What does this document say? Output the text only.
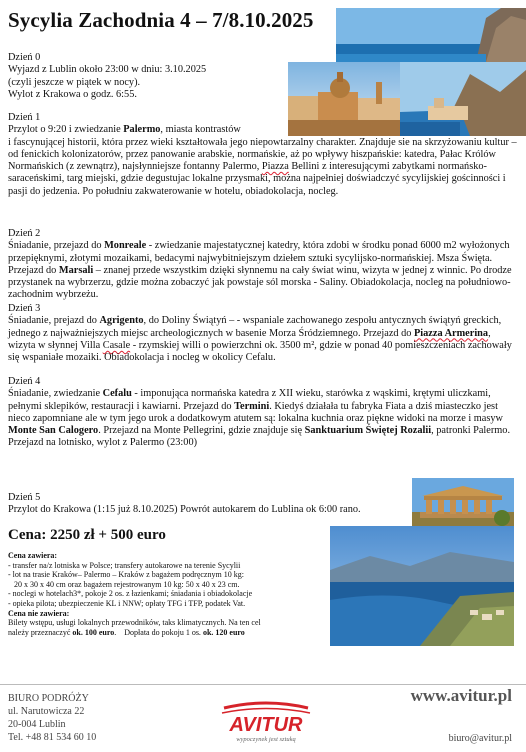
Sycylia Zachodnia 4 – 7/8.10.2025

Dzień 0

Wyjazd z Lublin około 23:00 w dniu: 3.10.2025

(czyli jeszcze w piątek w nocy).

Wylot z Krakowa o godz. 6:55.

Dzień 1

Przylot o 9:20 i zwiedzanie Palermo, miasta kontrastów
i fascynującej historii, która przez wieki kształtowała jego niepowtarzalny charakter. Znajduje sie na skrzyżowaniu kultur – od fenickich kolonizatorów, przez panowanie arabskie, normańskie, aż po wpływy hiszpańskie: katedra, Pałac Królów Normańskich (z zewnątrz), najsłynniejsze fontanny Palermo, Piazza Bellini z interesującymi zabytkami normańsko-saraceńskimi, targ miejski, gdzie degustujac lokalne przysmaki, można najpełniej doświadczyć sycylijskiej gościnności i pasji do jedzenia. Po południu zakwaterowanie w hotelu, obiadokolacja, nocleg.

Dzień 2

Śniadanie, przejazd do Monreale - zwiedzanie majestatycznej katedry, która zdobi w środku ponad 6000 m2 wyłożonych przepięknymi, złotymi mozaikami, bedacymi najwybitniejszym dziełem sztuki sycylijsko-normańskiej. Msza Święta. Przejazd do Marsali – znanej przede wszystkim dzięki słynnemu na cały świat winu, wizyta w jednej z winnic. Po drodze przystanek na wybrzerzu, gdzie można zobaczyć jak powstaje sól morska - Saliny. Obiadokolacja, nocleg na południowo-zachodnim wybrzeżu.

Dzień 3

Śniadanie, prejazd do Agrigento, do Doliny Świątyń – - wspaniale zachowanego zespołu antycznych świątyń greckich, jednego z najważniejszych miejsc archeologicznych w basenie Morza Śródziemnego. Przejazd do Piazza Armerina, wizyta w słynnej Villa Casale - rzymskiej willi o powierzchni ok. 3500 m², gdzie w ponad 40 pomieszczeniach zachowały się wspaniałe mozaiki. Obiadokolacja i nocleg w okolicy Cefalu.

Dzień 4

Śniadanie, zwiedzanie Cefalu - imponująca normańska katedra z XII wieku, starówka z wąskimi, krętymi uliczkami, pełnymi sklepików, restauracji i kawiarni. Przejazd do Termini. Kiedyś działała tu fabryka Fiata a dziś miasteczko jest nieco zapomniane ale w tym jego urok a dodatkowym atutem są: lokalna kuchnia oraz piękne widoki na morze i masyw Monte San Calogero. Przejazd na Monte Pellegrini, gdzie znajduje się Sanktuarium Świętej Rozalii, patronki Palermo. Przejazd na lotnisko, wylot z Palermo (23:00)

Dzień 5

Przylot do Krakowa (1:15 już 8.10.2025) Powrót autokarem do Lublina ok 6:00 rano.

Cena: 2250 zł + 500 euro
Cena zawiera:
- transfer na/z lotniska w Polsce; transfery autokarowe na terenie Sycylii
- lot na trasie Kraków– Palermo – Kraków z bagażem podręcznym 10 kg:
20 x 30 x 40 cm oraz bagażem rejestrowanym 10 kg: 50 x 40 x 23 cm.
- noclegi w hotelach3*, pokoje 2 os. z łazienkami; śniadania i obiadokolacje
- opieka pilota; ubezpieczenie KL i NNW; opłaty TFG i TFP, podatek Vat.
Cena nie zawiera:
Bilety wstępu, usługi lokalnych przewodników, taks klimatycznych. Na ten cel
należy przeznaczyć ok. 100 euro.    Dopłata do pokoju 1 os. ok. 120 euro
BIURO PODRÓŻY
ul. Narutowicza 22
20-004 Lublin
Tel. +48 81 534 60 10
AVITUR
wypoczynek jest sztuką
www.avitur.pl
biuro@avitur.pl
